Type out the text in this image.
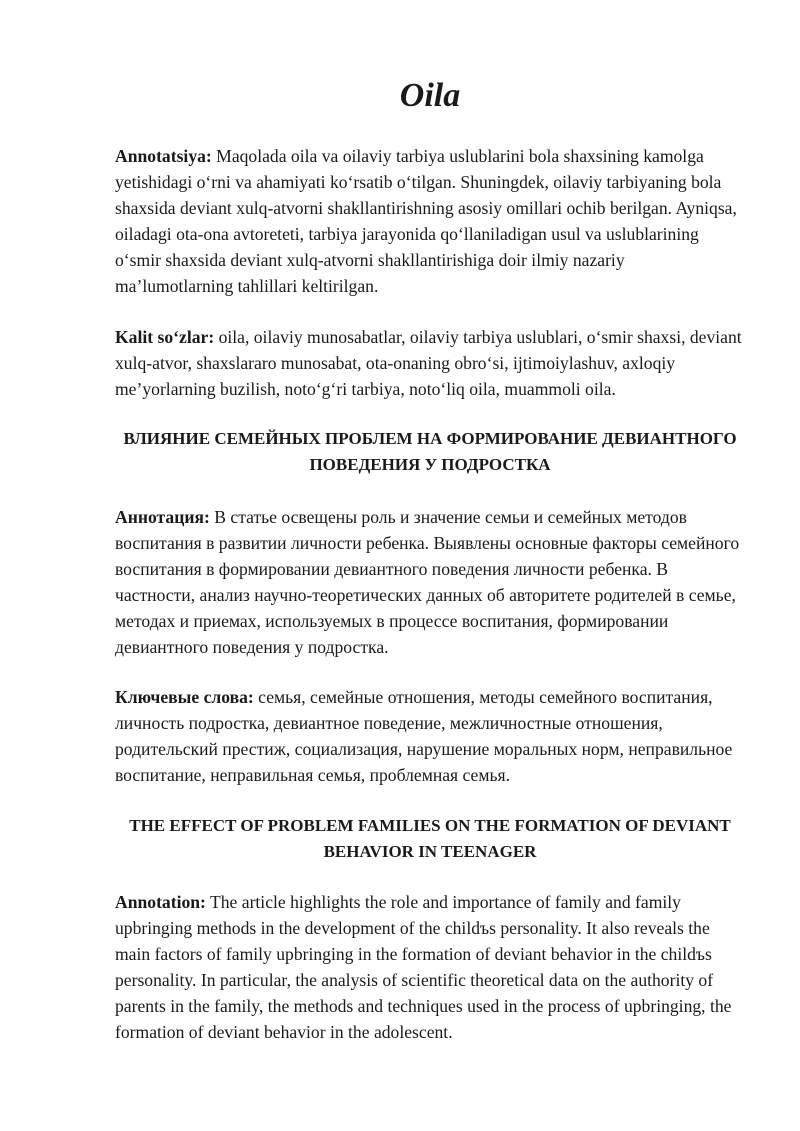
Oila

Annotatsiya: Maqolada oila va oilaviy tarbiya uslublarini bola shaxsining kamolga yetishidagi o‘rni va ahamiyati ko‘rsatib o‘tilgan. Shuningdek, oilaviy tarbiyaning bola shaxsida deviant xulq-atvorni shakllantirishning asosiy omillari ochib berilgan. Ayniqsa, oiladagi ota-ona avtoreteti, tarbiya jarayonida qo‘llaniladigan usul va uslublarining o‘smir shaxsida deviant xulq-atvorni shakllantirishiga doir ilmiy nazariy ma’lumotlarning tahlillari keltirilgan.

Kalit so‘zlar: oila, oilaviy munosabatlar, oilaviy tarbiya uslublari, o‘smir shaxsi, deviant xulq-atvor, shaxslararo munosabat, ota-onaning obro‘si, ijtimoiylashuv, axloqiy me’yorlarning buzilish, noto‘g‘ri tarbiya, noto‘liq oila, muammoli oila.

ВЛИЯНИЕ СЕМЕЙНЫХ ПРОБЛЕМ НА ФОРМИРОВАНИЕ ДЕВИАНТНОГО ПОВЕДЕНИЯ У ПОДРОСТКА

Аннотация: В статье освещены роль и значение семьи и семейных методов воспитания в развитии личности ребенка. Выявлены основные факторы семейного воспитания в формировании девиантного поведения личности ребенка. В частности, анализ научно-теоретических данных об авторитете родителей в семье, методах и приемах, используемых в процессе воспитания, формировании девиантного поведения у подростка.

Ключевые слова: семья, семейные отношения, методы семейного воспитания, личность подростка, девиантное поведение, межличностные отношения, родительский престиж, социализация, нарушение моральных норм, неправильное воспитание, неправильная семья, проблемная семья.

THE EFFECT OF PROBLEM FAMILIES ON THE FORMATION OF DEVIANT BEHAVIOR IN TEENAGER

Annotation: The article highlights the role and importance of family and family upbringing methods in the development of the childъs personality. It also reveals the main factors of family upbringing in the formation of deviant behavior in the childъs personality. In particular, the analysis of scientific theoretical data on the authority of parents in the family, the methods and techniques used in the process of upbringing, the formation of deviant behavior in the adolescent.
